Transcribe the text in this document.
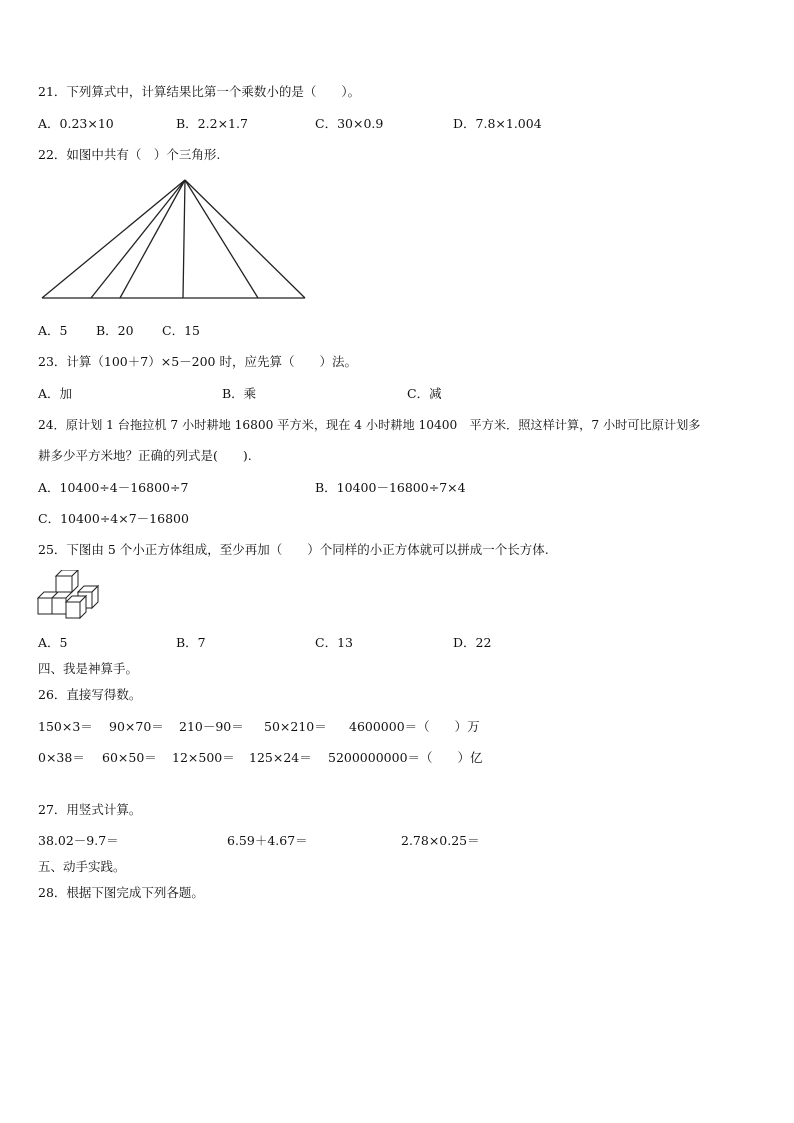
21．下列算式中，计算结果比第一个乘数小的是（　　）。
A．0.23×10	B．2.2×1.7	C．30×0.9	D．7.8×1.004
22．如图中共有（　）个三角形.
A．5 B．20 C．15
23．计算（100＋7）×5－200 时，应先算（　　）法。
A．加	B．乘	C．减
24．原计划 1 台拖拉机 7 小时耕地 16800 平方米，现在 4 小时耕地 10400　平方米．照这样计算，7 小时可比原计划多
耕多少平方米地？正确的列式是(　　).
A．10400÷4－16800÷7	B．10400－16800÷7×4
C．10400÷4×7－16800
25．下图由 5 个小正方体组成，至少再加（　　）个同样的小正方体就可以拼成一个长方体.
A．5	B．7	C．13	D．22
四、我是神算手。
26．直接写得数。
150×3＝ 90×70＝ 210－90＝ 50×210＝ 4600000＝（　　）万
0×38＝ 60×50＝ 12×500＝ 125×24＝ 5200000000＝（　　）亿
27．用竖式计算。
38.02－9.7＝	6.59＋4.67＝	2.78×0.25＝
五、动手实践。
28．根据下图完成下列各题。
